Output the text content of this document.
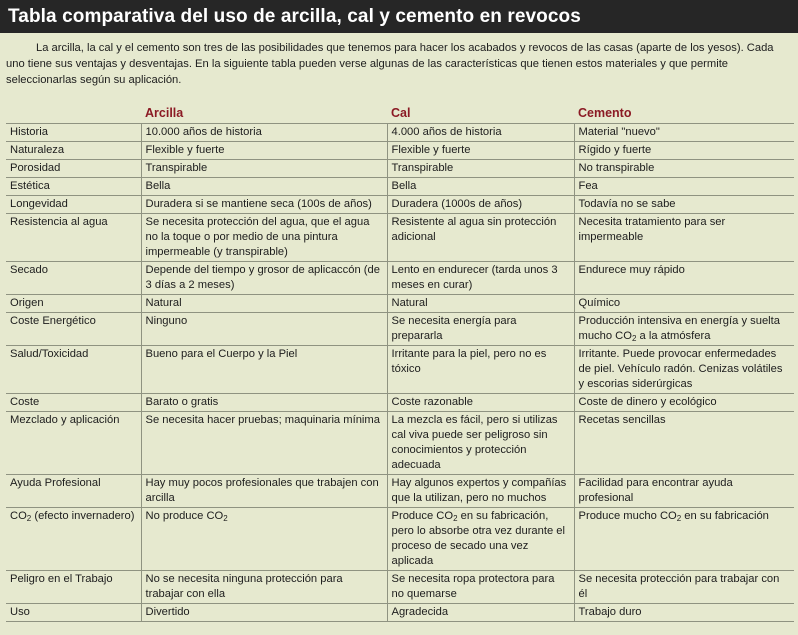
Tabla comparativa del uso de arcilla, cal y cemento en revocos

La arcilla, la cal y el cemento son tres de las posibilidades que tenemos para hacer los acabados y revocos de las casas (aparte de los yesos). Cada uno tiene sus ventajas y desventajas. En la siguiente tabla pueden verse algunas de las características que tienen estos materiales y que permite seleccionarlas según su aplicación.

	Arcilla	Cal	Cemento
Historia	10.000 años de historia	4.000 años de historia	Material "nuevo"
Naturaleza	Flexible y fuerte	Flexible y fuerte	Rígido y fuerte
Porosidad	Transpirable	Transpirable	No transpirable
Estética	Bella	Bella	Fea
Longevidad	Duradera si se mantiene seca (100s de años)	Duradera (1000s de años)	Todavía no se sabe
Resistencia al agua	Se necesita protección del agua, que el agua no la toque o por medio de una pintura impermeable (y transpirable)	Resistente al agua sin protección adicional	Necesita tratamiento para ser impermeable
Secado	Depende del tiempo y grosor de aplicaccón (de 3 días a 2 meses)	Lento en endurecer (tarda unos 3 meses en curar)	Endurece muy rápido
Origen	Natural	Natural	Químico
Coste Energético	Ninguno	Se necesita energía para prepararla	Producción intensiva en energía y suelta mucho $CO_2$ a la atmósfera
Salud/Toxicidad	Bueno para el Cuerpo y la Piel	Irritante para la piel, pero no es tóxico	Irritante. Puede provocar enfermedades de piel. Vehículo radón. Cenizas volátiles y escorias siderúrgicas
Coste	Barato o gratis	Coste razonable	Coste de dinero y ecológico
Mezclado y aplicación	Se necesita hacer pruebas; maquinaria mínima	La mezcla es fácil, pero si utilizas cal viva puede ser peligroso sin conocimientos y protección adecuada	Recetas sencillas
Ayuda Profesional	Hay muy pocos profesionales que trabajen con arcilla	Hay algunos expertos y compañías que la utilizan, pero no muchos	Facilidad para encontrar ayuda profesional
$CO_2$ (efecto invernadero)	No produce $CO_2$	Produce $CO_2$ en su fabricación, pero lo absorbe otra vez durante el proceso de secado una vez aplicada	Produce mucho $CO_2$ en su fabricación
Peligro en el Trabajo	No se necesita ninguna protección para trabajar con ella	Se necesita ropa protectora para no quemarse	Se necesita protección para trabajar con él
Uso	Divertido	Agradecida	Trabajo duro
